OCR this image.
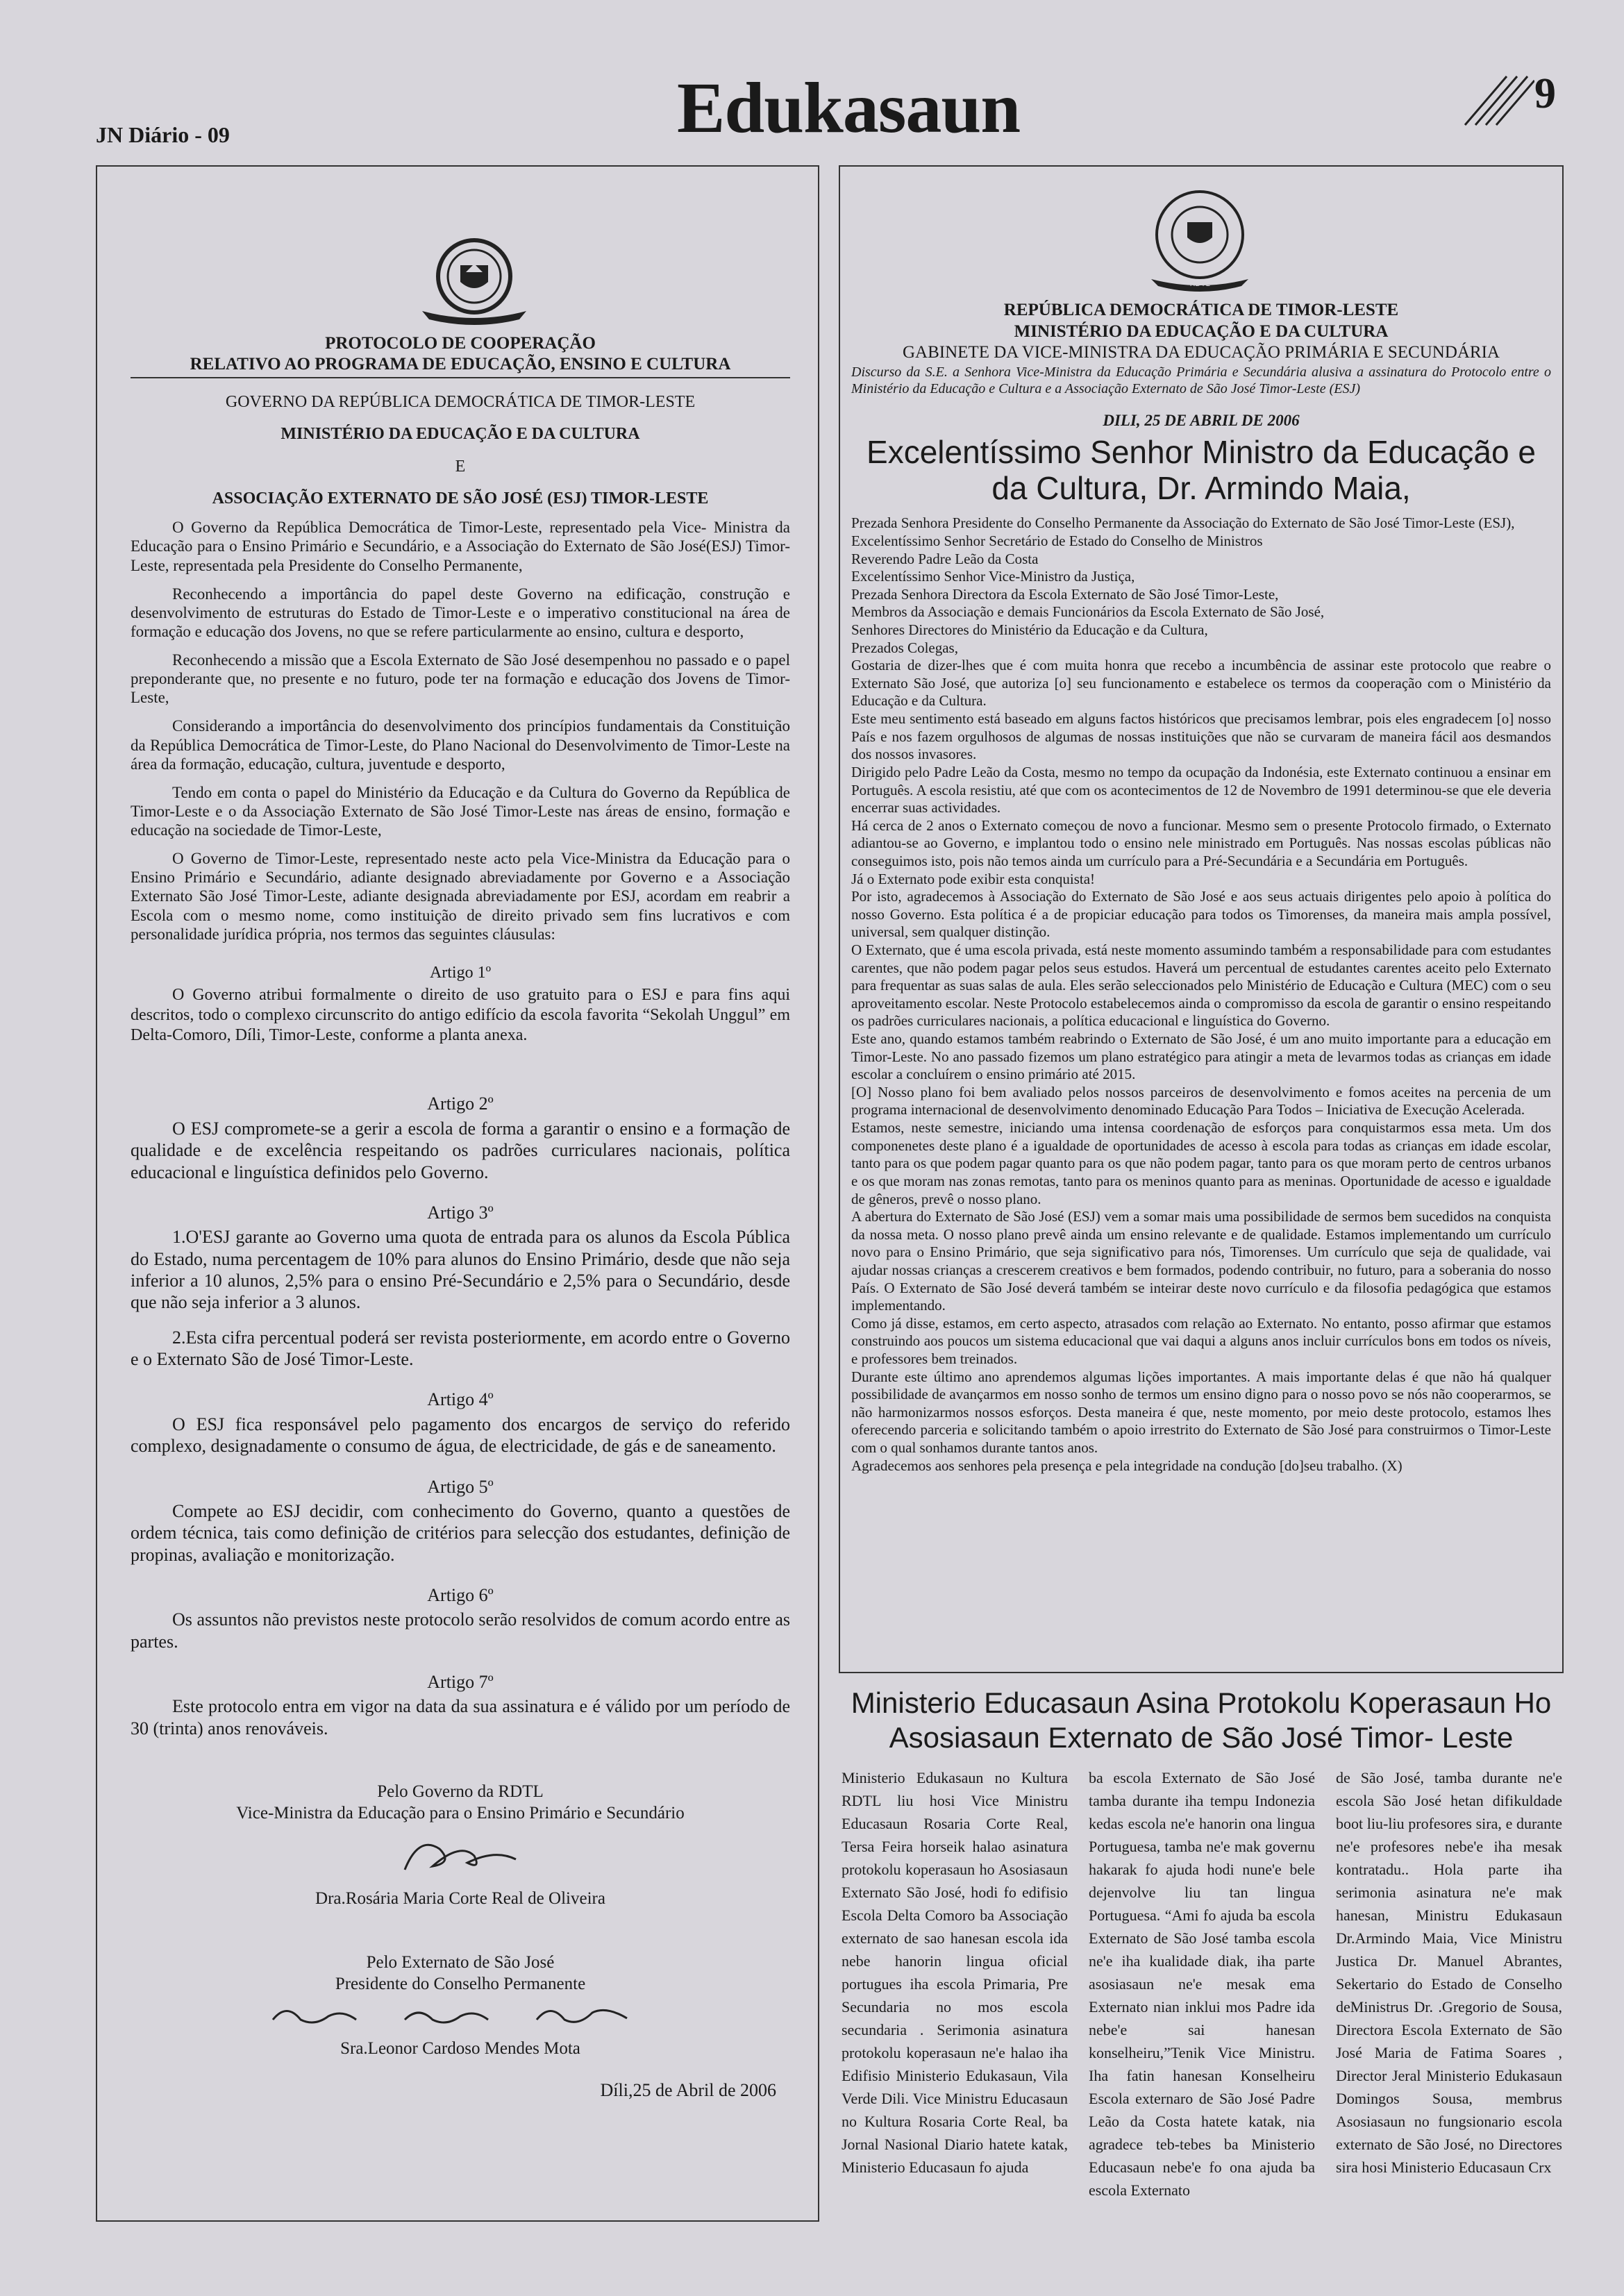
JN Diário - 09	Edukasaun	9
PROTOCOLO DE COOPERAÇÃO
RELATIVO AO PROGRAMA DE EDUCAÇÃO, ENSINO E CULTURA
GOVERNO DA REPÚBLICA DEMOCRÁTICA DE TIMOR-LESTE
MINISTÉRIO DA EDUCAÇÃO E DA CULTURA
E
ASSOCIAÇÃO EXTERNATO DE SÃO JOSÉ (ESJ) TIMOR-LESTE

O Governo da República Democrática de Timor-Leste, representado pela Vice- Ministra da Educação para o Ensino Primário e Secundário, e a Associação do Externato de São José(ESJ) Timor-Leste, representada pela Presidente do Conselho Permanente,

Reconhecendo a importância do papel deste Governo na edificação, construção e desenvolvimento de estruturas do Estado de Timor-Leste e o imperativo constitucional na área de formação e educação dos Jovens, no que se refere particularmente ao ensino, cultura e desporto,

Reconhecendo a missão que a Escola Externato de São José desempenhou no passado e o papel preponderante que, no presente e no futuro, pode ter na formação e educação dos Jovens de Timor-Leste,

Considerando a importância do desenvolvimento dos princípios fundamentais da Constituição da República Democrática de Timor-Leste, do Plano Nacional do Desenvolvimento de Timor-Leste na área da formação, educação, cultura, juventude e desporto,

Tendo em conta o papel do Ministério da Educação e da Cultura do Governo da República de Timor-Leste e o da Associação Externato de São José Timor-Leste nas áreas de ensino, formação e educação na sociedade de Timor-Leste,

O Governo de Timor-Leste, representado neste acto pela Vice-Ministra da Educação para o Ensino Primário e Secundário, adiante designado abreviadamente por Governo e a Associação Externato São José Timor-Leste, adiante designada abreviadamente por ESJ, acordam em reabrir a Escola com o mesmo nome, como instituição de direito privado sem fins lucrativos e com personalidade jurídica própria, nos termos das seguintes cláusulas:

Artigo 1º

O Governo atribui formalmente o direito de uso gratuito para o ESJ e para fins aqui descritos, todo o complexo circunscrito do antigo edifício da escola favorita “Sekolah Unggul” em Delta-Comoro, Díli, Timor-Leste, conforme a planta anexa.

Artigo 2º

O ESJ compromete-se a gerir a escola de forma a garantir o ensino e a formação de qualidade e de excelência respeitando os padrões curriculares nacionais, política educacional e linguística definidos pelo Governo.

Artigo 3º

1.O'ESJ garante ao Governo uma quota de entrada para os alunos da Escola Pública do Estado, numa percentagem de 10% para alunos do Ensino Primário, desde que não seja inferior a 10 alunos, 2,5% para o ensino Pré-Secundário e 2,5% para o Secundário, desde que não seja inferior a 3 alunos.

2.Esta cifra percentual poderá ser revista posteriormente, em acordo entre o Governo e o Externato São de José Timor-Leste.

Artigo 4º

O ESJ fica responsável pelo pagamento dos encargos de serviço do referido complexo, designadamente o consumo de água, de electricidade, de gás e de saneamento.

Artigo 5º

Compete ao ESJ decidir, com conhecimento do Governo, quanto a questões de ordem técnica, tais como definição de critérios para selecção dos estudantes, definição de propinas, avaliação e monitorização.

Artigo 6º

Os assuntos não previstos neste protocolo serão resolvidos de comum acordo entre as partes.

Artigo 7º

Este protocolo entra em vigor na data da sua assinatura e é válido por um período de 30 (trinta) anos renováveis.

Pelo Governo da RDTL
Vice-Ministra da Educação para o Ensino Primário e Secundário
Dra.Rosária Maria Corte Real de Oliveira
Pelo Externato de São José
Presidente do Conselho Permanente
Sra.Leonor Cardoso Mendes Mota
Díli,25 de Abril de 2006
RDTL
REPÚBLICA DEMOCRÁTICA DE TIMOR-LESTE
MINISTÉRIO DA EDUCAÇÃO E DA CULTURA
GABINETE DA VICE-MINISTRA DA EDUCAÇÃO PRIMÁRIA E SECUNDÁRIA
Discurso da S.E. a Senhora Vice-Ministra da Educação Primária e Secundária alusiva a assinatura do Protocolo entre o Ministério da Educação e Cultura e a Associação Externato de São José Timor-Leste (ESJ)
DILI, 25 DE ABRIL DE 2006
Excelentíssimo Senhor Ministro da Educação e da Cultura, Dr. Armindo Maia,

Prezada Senhora Presidente do Conselho Permanente da Associação do Externato de São José Timor-Leste (ESJ),

Excelentíssimo Senhor Secretário de Estado do Conselho de Ministros

Reverendo Padre Leão da Costa

Excelentíssimo Senhor Vice-Ministro da Justiça,

Prezada Senhora Directora da Escola Externato de São José Timor-Leste,

Membros da Associação e demais Funcionários da Escola Externato de São José,

Senhores Directores do Ministério da Educação e da Cultura,

Prezados Colegas,

Gostaria de dizer-lhes que é com muita honra que recebo a incumbência de assinar este protocolo que reabre o Externato São José, que autoriza [o] seu funcionamento e estabelece os termos da cooperação com o Ministério da Educação e da Cultura.

Este meu sentimento está baseado em alguns factos históricos que precisamos lembrar, pois eles engradecem [o] nosso País e nos fazem orgulhosos de algumas de nossas instituições que não se curvaram de maneira fácil aos desmandos dos nossos invasores.

Dirigido pelo Padre Leão da Costa, mesmo no tempo da ocupação da Indonésia, este Externato continuou a ensinar em Português. A escola resistiu, até que com os acontecimentos de 12 de Novembro de 1991 determinou-se que ele deveria encerrar suas actividades.

Há cerca de 2 anos o Externato começou de novo a funcionar. Mesmo sem o presente Protocolo firmado, o Externato adiantou-se ao Governo, e implantou todo o ensino nele ministrado em Português. Nas nossas escolas públicas não conseguimos isto, pois não temos ainda um currículo para a Pré-Secundária e a Secundária em Português.

Já o Externato pode exibir esta conquista!

Por isto, agradecemos à Associação do Externato de São José e aos seus actuais dirigentes pelo apoio à política do nosso Governo. Esta política é a de propiciar educação para todos os Timorenses, da maneira mais ampla possível, universal, sem qualquer distinção.

O Externato, que é uma escola privada, está neste momento assumindo também a responsabilidade para com estudantes carentes, que não podem pagar pelos seus estudos. Haverá um percentual de estudantes carentes aceito pelo Externato para frequentar as suas salas de aula. Eles serão seleccionados pelo Ministério de Educação e Cultura (MEC) com o seu aproveitamento escolar. Neste Protocolo estabelecemos ainda o compromisso da escola de garantir o ensino respeitando os padrões curriculares nacionais, a política educacional e linguística do Governo.

Este ano, quando estamos também reabrindo o Externato de São José, é um ano muito importante para a educação em Timor-Leste. No ano passado fizemos um plano estratégico para atingir a meta de levarmos todas as crianças em idade escolar a concluírem o ensino primário até 2015.

[O] Nosso plano foi bem avaliado pelos nossos parceiros de desenvolvimento e fomos aceites na percenia de um programa internacional de desenvolvimento denominado Educação Para Todos – Iniciativa de Execução Acelerada.

Estamos, neste semestre, iniciando uma intensa coordenação de esforços para conquistarmos essa meta. Um dos componenetes deste plano é a igualdade de oportunidades de acesso à escola para todas as crianças em idade escolar, tanto para os que podem pagar quanto para os que não podem pagar, tanto para os que moram perto de centros urbanos e os que moram nas zonas remotas, tanto para os meninos quanto para as meninas. Oportunidade de acesso e igualdade de gêneros, prevê o nosso plano.

A abertura do Externato de São José (ESJ) vem a somar mais uma possibilidade de sermos bem sucedidos na conquista da nossa meta. O nosso plano prevê ainda um ensino relevante e de qualidade. Estamos implementando um currículo novo para o Ensino Primário, que seja significativo para nós, Timorenses. Um currículo que seja de qualidade, vai ajudar nossas crianças a crescerem creativos e bem formados, podendo contribuir, no futuro, para a soberania do nosso País. O Externato de São José deverá também se inteirar deste novo currículo e da filosofia pedagógica que estamos implementando.

Como já disse, estamos, em certo aspecto, atrasados com relação ao Externato. No entanto, posso afirmar que estamos construindo aos poucos um sistema educacional que vai daqui a alguns anos incluir currículos bons em todos os níveis, e professores bem treinados.

Durante este último ano aprendemos algumas lições importantes. A mais importante delas é que não há qualquer possibilidade de avançarmos em nosso sonho de termos um ensino digno para o nosso povo se nós não cooperarmos, se não harmonizarmos nossos esforços. Desta maneira é que, neste momento, por meio deste protocolo, estamos lhes oferecendo parceria e solicitando também o apoio irrestrito do Externato de São José para construirmos o Timor-Leste com o qual sonhamos durante tantos anos.

Agradecemos aos senhores pela presença e pela integridade na condução [do]seu trabalho. (X)

Ministerio Educasaun Asina Protokolu Koperasaun Ho Asosiasaun Externato de São José Timor- Leste
Ministerio Edukasaun no Kultura RDTL liu hosi Vice Ministru Educasaun Rosaria Corte Real, Tersa Feira horseik halao asinatura protokolu koperasaun ho Asosiasaun Externato São José, hodi fo edifisio Escola Delta Comoro ba Associação externato de sao hanesan escola ida nebe hanorin lingua oficial portugues iha escola Primaria, Pre Secundaria no mos escola secundaria . Serimonia asinatura protokolu koperasaun ne'e halao iha Edifisio Ministerio Edukasaun, Vila Verde Dili. Vice Ministru Educasaun no Kultura Rosaria Corte Real, ba Jornal Nasional Diario hatete katak, Ministerio Educasaun fo ajuda
ba escola Externato de São José tamba durante iha tempu Indonezia kedas escola ne'e hanorin ona lingua Portuguesa, tamba ne'e mak governu hakarak fo ajuda hodi nune'e bele dejenvolve liu tan lingua Portuguesa. “Ami fo ajuda ba escola Externato de São José tamba escola ne'e iha kualidade diak, iha parte asosiasaun ne'e mesak ema Externato nian inklui mos Padre ida nebe'e sai hanesan konselheiru,”Tenik Vice Ministru. Iha fatin hanesan Konselheiru Escola externaro de São José Padre Leão da Costa hatete katak, nia agradece teb-tebes ba Ministerio Educasaun nebe'e fo ona ajuda ba escola Externato
de São José, tamba durante ne'e escola São José hetan difikuldade boot liu-liu profesores sira, e durante ne'e profesores nebe'e iha mesak kontratadu.. Hola parte iha serimonia asinatura ne'e mak hanesan, Ministru Edukasaun Dr.Armindo Maia, Vice Ministru Justica Dr. Manuel Abrantes, Sekertario do Estado de Conselho deMinistrus Dr. .Gregorio de Sousa, Directora Escola Externato de São José Maria de Fatima Soares , Director Jeral Ministerio Edukasaun Domingos Sousa, membrus Asosiasaun no fungsionario escola externato de São José, no Directores sira hosi Ministerio Educasaun Crx
